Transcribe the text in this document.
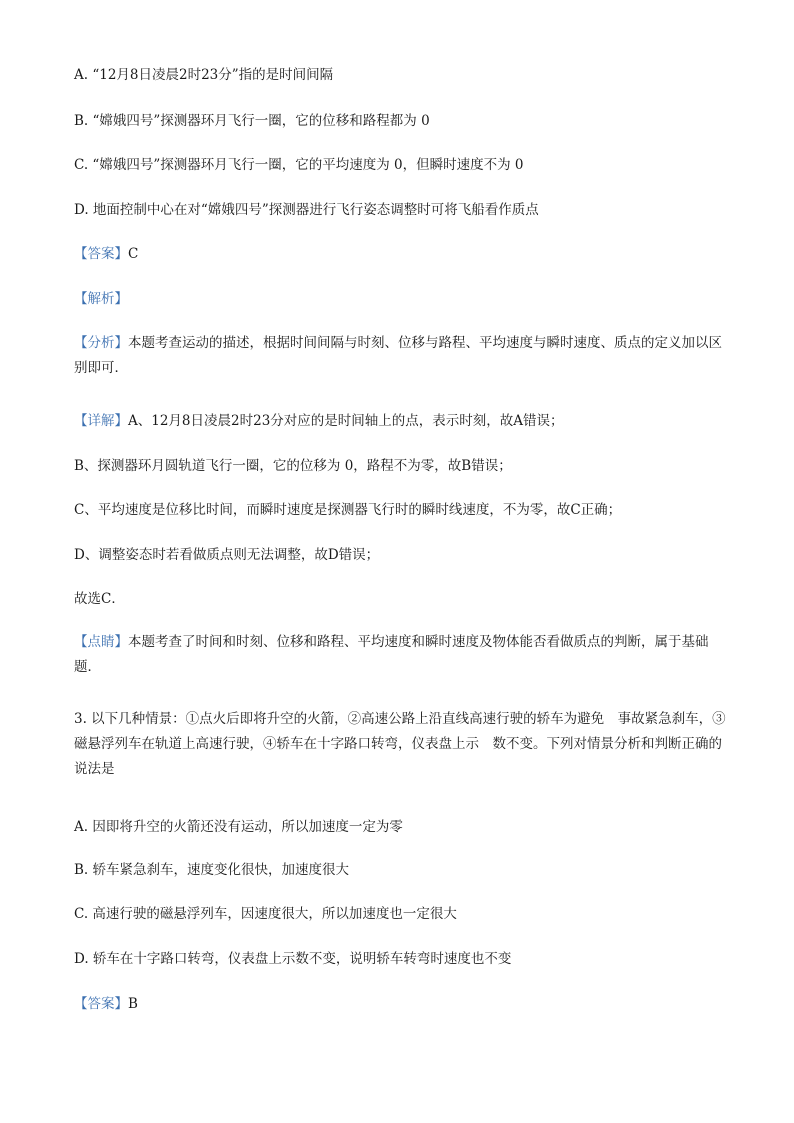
A. “12月8日凌晨2时23分”指的是时间间隔
B. “嫦娥四号”探测器环月飞行一圈，它的位移和路程都为 0
C. “嫦娥四号”探测器环月飞行一圈，它的平均速度为 0，但瞬时速度不为 0
D. 地面控制中心在对“嫦娥四号”探测器进行飞行姿态调整时可将飞船看作质点
【答案】C
【解析】
【分析】本题考查运动的描述，根据时间间隔与时刻、位移与路程、平均速度与瞬时速度、质点的定义加以区别即可．
【详解】A、12月8日凌晨2时23分对应的是时间轴上的点，表示时刻，故A错误；
B、探测器环月圆轨道飞行一圈，它的位移为 0，路程不为零，故B错误；
C、平均速度是位移比时间，而瞬时速度是探测器飞行时的瞬时线速度，不为零，故C正确；
D、调整姿态时若看做质点则无法调整，故D错误；
故选C．
【点睛】本题考查了时间和时刻、位移和路程、平均速度和瞬时速度及物体能否看做质点的判断，属于基础题．
3. 以下几种情景：①点火后即将升空的火箭，②高速公路上沿直线高速行驶的轿车为避免　事故紧急刹车，③磁悬浮列车在轨道上高速行驶，④轿车在十字路口转弯，仪表盘上示　数不变。下列对情景分析和判断正确的说法是
A. 因即将升空的火箭还没有运动，所以加速度一定为零
B. 轿车紧急刹车，速度变化很快，加速度很大
C. 高速行驶的磁悬浮列车，因速度很大，所以加速度也一定很大
D. 轿车在十字路口转弯，仪表盘上示数不变，说明轿车转弯时速度也不变
【答案】B
